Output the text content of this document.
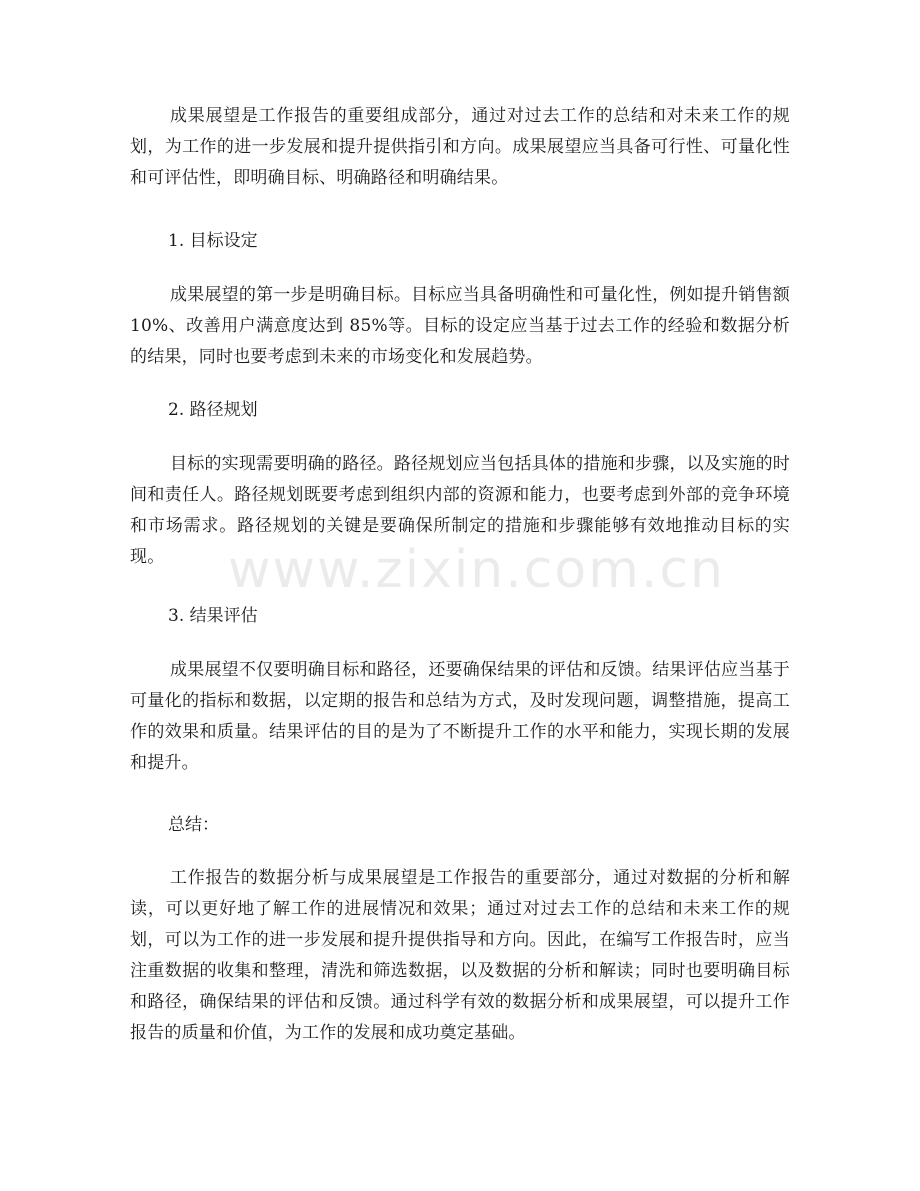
成果展望是工作报告的重要组成部分，通过对过去工作的总结和对未来工作的规划，为工作的进一步发展和提升提供指引和方向。成果展望应当具备可行性、可量化性和可评估性，即明确目标、明确路径和明确结果。

1. 目标设定

成果展望的第一步是明确目标。目标应当具备明确性和可量化性，例如提升销售额 10%、改善用户满意度达到 85%等。目标的设定应当基于过去工作的经验和数据分析的结果，同时也要考虑到未来的市场变化和发展趋势。

2. 路径规划

目标的实现需要明确的路径。路径规划应当包括具体的措施和步骤，以及实施的时间和责任人。路径规划既要考虑到组织内部的资源和能力，也要考虑到外部的竞争环境和市场需求。路径规划的关键是要确保所制定的措施和步骤能够有效地推动目标的实现。

3. 结果评估

成果展望不仅要明确目标和路径，还要确保结果的评估和反馈。结果评估应当基于可量化的指标和数据，以定期的报告和总结为方式，及时发现问题，调整措施，提高工作的效果和质量。结果评估的目的是为了不断提升工作的水平和能力，实现长期的发展和提升。

总结：

工作报告的数据分析与成果展望是工作报告的重要部分，通过对数据的分析和解读，可以更好地了解工作的进展情况和效果；通过对过去工作的总结和未来工作的规划，可以为工作的进一步发展和提升提供指导和方向。因此，在编写工作报告时，应当注重数据的收集和整理，清洗和筛选数据，以及数据的分析和解读；同时也要明确目标和路径，确保结果的评估和反馈。通过科学有效的数据分析和成果展望，可以提升工作报告的质量和价值，为工作的发展和成功奠定基础。

www.zixin.com.cn
